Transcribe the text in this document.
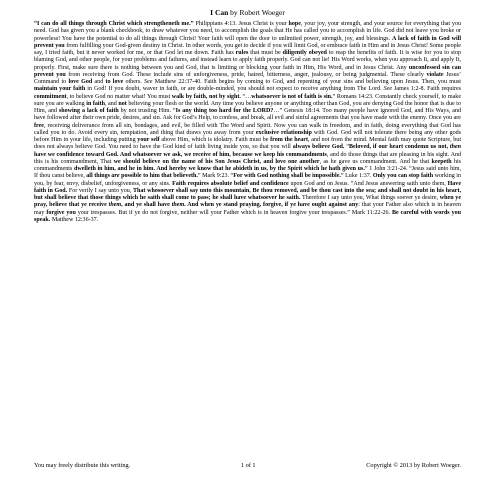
I Can by Robert Woeger

“I can do all things through Christ which strengtheneth me.” Philippians 4:13. Jesus Christ is your hope, your joy, your strength, and your source for everything that you need. God has given you a blank checkbook, to draw whatever you need, to accomplish the goals that He has called you to accomplish in life. God did not leave you broke or powerless! You have the potential to do all things through Christ! Your faith will open the door to unlimited power, strength, joy, and blessings. A lack of faith in God will prevent you from fulfilling your God-given destiny in Christ. In other words, you get to decide if you will limit God, or embrace faith in Him and in Jesus Christ! Some people say, I tried faith, but it never worked for me, or that God let me down. Faith has rules that must be diligently obeyed to reap the benefits of faith. It is wise for you to stop blaming God, and other people, for your problems and failures, and instead learn to apply faith properly. God can not lie! His Word works, when you approach It, and apply It, properly. First, make sure there is nothing between you and God, that is limiting or blocking your faith in Him, His Word, and in Jesus Christ. Any unconfessed sin can prevent you from receiving from God. These include sins of unforgiveness, pride, hatred, bitterness, anger, jealousy, or being judgmental. These clearly violate Jesus’ Command to love God and to love others. See Matthew 22:37-40. Faith begins by coming to God, and repenting of your sins and believing upon Jesus. Then, you must maintain your faith in God! If you doubt, waver in faith, or are double-minded, you should not expect to receive anything from The Lord. See James 1:2-8. Faith requires commitment, to believe God no matter what! You must walk by faith, not by sight. “…whatsoever is not of faith is sin.” Romans 14:23. Constantly check yourself, to make sure you are walking in faith, and not believing your flesh or the world. Any time you believe anyone or anything other than God, you are denying God the honor that is due to Him, and showing a lack of faith by not trusting Him. “Is any thing too hard for the LORD?…” Genesis 18:14. Too many people have ignored God, and His Ways, and have followed after their own pride, desires, and sin. Ask for God’s Help, to confess, and break, all evil and sinful agreements that you have made with the enemy. Once you are free, receiving deliverance from all sin, bondages, and evil, be filled with The Word and Spirit. Now you can walk in freedom, and in faith, doing everything that God has called you to do. Avoid every sin, temptation, and thing that draws you away from your exclusive relationship with God. God will not tolerate there being any other gods before Him in your life, including putting your self above Him, which is idolatry. Faith must be from the heart, and not from the mind. Mental faith may quote Scripture, but does not always believe God. You need to have the God kind of faith living inside you, so that you will always believe God. “Beloved, if our heart condemn us not, then have we confidence toward God. And whatsoever we ask, we receive of him, because we keep his commandments, and do those things that are pleasing in his sight. And this is his commandment, That we should believe on the name of his Son Jesus Christ, and love one another, as he gave us commandment. And he that keepeth his commandments dwelleth in him, and he in him. And hereby we know that he abideth in us, by the Spirit which he hath given us.” 1 John 3:21-24. “Jesus said unto him, If thou canst believe, all things are possible to him that believeth.” Mark 9:23. “For with God nothing shall be impossible.” Luke 1:37. Only you can stop faith working in you, by fear, envy, disbelief, unforgiveness, or any sins. Faith requires absolute belief and confidence upon God and on Jesus. “And Jesus answering saith unto them, Have faith in God. For verily I say unto you, That whosoever shall say unto this mountain, Be thou removed, and be thou cast into the sea; and shall not doubt in his heart, but shall believe that those things which he saith shall come to pass; he shall have whatsoever he saith. Therefore I say unto you, What things soever ye desire, when ye pray, believe that ye receive them, and ye shall have them. And when ye stand praying, forgive, if ye have ought against any: that your Father also which is in heaven may forgive you your trespasses. But if ye do not forgive, neither will your Father which is in heaven forgive your trespasses.” Mark 11:22-26. Be careful with words you speak. Matthew 12:36-37.

You may freely distribute this writing.	1 of 1	Copyright © 2013 by Robert Woeger.
